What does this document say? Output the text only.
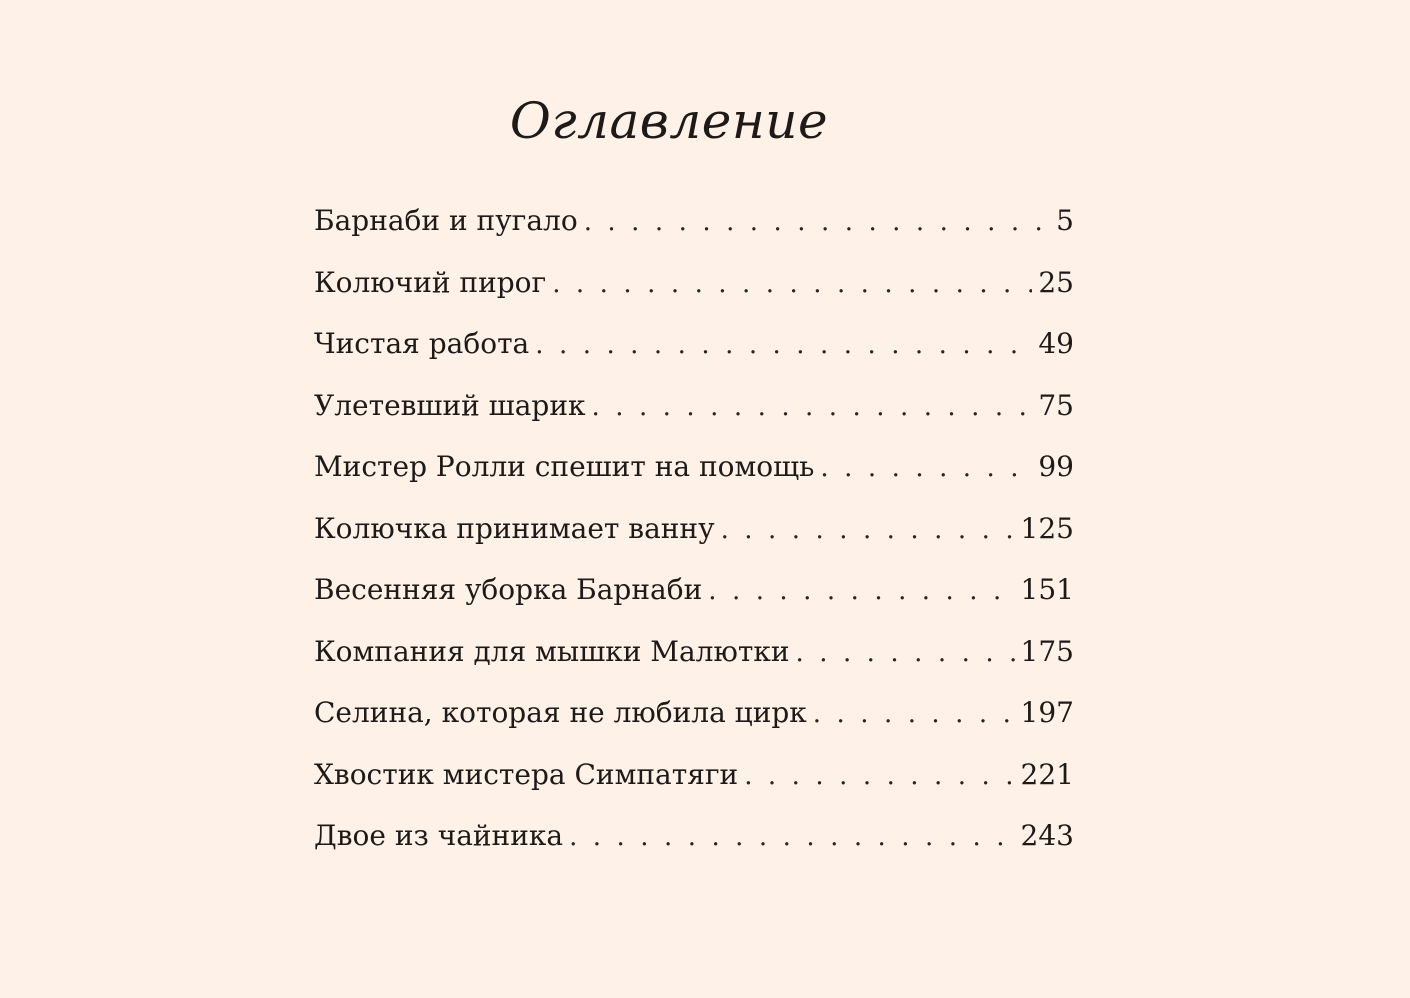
Оглавление
Барнаби и пугало . . .	5
Колючий пирог . . .	25
Чистая работа . . .	49
Улетевший шарик . . .	75
Мистер Ролли спешит на помощь . . .	99
Колючка принимает ванну . . .	125
Весенняя уборка Барнаби . . .	151
Компания для мышки Малютки . . .	175
Селина, которая не любила цирк . . .	197
Хвостик мистера Симпатяги . . .	221
Двое из чайника . . .	243
